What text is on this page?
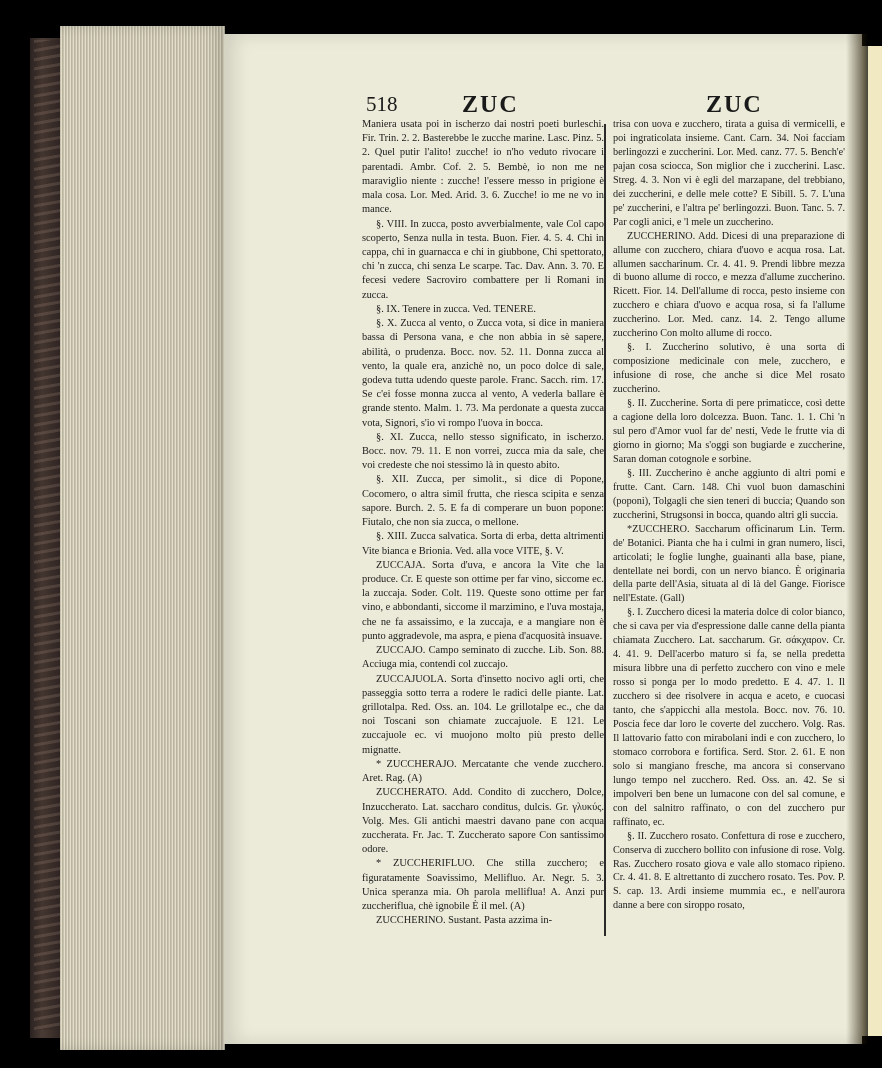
518	ZUC	ZUC

Maniera usata poi in ischerzo dai nostri poeti burleschi. Fir. Trin. 2. 2. Basterebbe le zucche marine. Lasc. Pinz. 5. 2. Quel putir l'alito! zucche! io n'ho veduto rivocare i parentadi. Ambr. Cof. 2. 5. Bembè, io non me ne maraviglio niente : zucche! l'essere messo in prigione è mala cosa. Lor. Med. Arid. 3. 6. Zucche! io me ne vo in mance.

§. VIII. In zucca, posto avverbialmente, vale Col capo scoperto, Senza nulla in testa. Buon. Fier. 4. 5. 4. Chi in cappa, chi in guarnacca e chi in giubbone, Chi spettorato, chi 'n zucca, chi senza Le scarpe. Tac. Dav. Ann. 3. 70. E fecesi vedere Sacroviro combattere per li Romani in zucca.

§. IX. Tenere in zucca. Ved. TENERE.

§. X. Zucca al vento, o Zucca vota, si dice in maniera bassa di Persona vana, e che non abbia in sè sapere, abilità, o prudenza. Bocc. nov. 52. 11. Donna zucca al vento, la quale era, anzichè no, un poco dolce di sale, godeva tutta udendo queste parole. Franc. Sacch. rim. 17. Se c'ei fosse monna zucca al vento, A vederla ballare è grande stento. Malm. 1. 73. Ma perdonate a questa zucca vota, Signori, s'io vi rompo l'uova in bocca.

§. XI. Zucca, nello stesso significato, in ischerzo. Bocc. nov. 79. 11. E non vorrei, zucca mia da sale, che voi credeste che noi stessimo là in questo abito.

§. XII. Zucca, per simolit., si dice di Popone, Cocomero, o altra simil frutta, che riesca scipita e senza sapore. Burch. 2. 5. E fa di comperare un buon popone: Fiutalo, che non sia zucca, o mellone.

§. XIII. Zucca salvatica. Sorta di erba, detta altrimenti Vite bianca e Brionia. Ved. alla voce VITE, §. V.

ZUCCAJA. Sorta d'uva, e ancora la Vite che la produce. Cr. E queste son ottime per far vino, siccome ec. la zuccaja. Soder. Colt. 119. Queste sono ottime per far vino, e abbondanti, siccome il marzimino, e l'uva mostaja, che ne fa assaissimo, e la zuccaja, e a mangiare non è punto aggradevole, ma aspra, e piena d'acquosità insuave.

ZUCCAJO. Campo seminato di zucche. Lib. Son. 88. Acciuga mia, contendi col zuccajo.

ZUCCAJUOLA. Sorta d'insetto nocivo agli orti, che passeggia sotto terra a rodere le radici delle piante. Lat. grillotalpa. Red. Oss. an. 104. Le grillotalpe ec., che da noi Toscani son chiamate zuccajuole. E 121. Le zuccajuole ec. vi muojono molto più presto delle mignatte.

* ZUCCHERAJO. Mercatante che vende zucchero. Aret. Rag. (A)

ZUCCHERATO. Add. Condito di zucchero, Dolce, Inzuccherato. Lat. saccharo conditus, dulcis. Gr. γλυκύς. Volg. Mes. Gli antichi maestri davano pane con acqua zuccherata. Fr. Jac. T. Zuccherato sapore Con santissimo odore.

* ZUCCHERIFLUO. Che stilla zucchero; e figuratamente Soavissimo, Mellifluo. Ar. Negr. 5. 3. Unica speranza mia. Oh parola melliflua! A. Anzi pur zuccheriflua, chè ignobile È il mel. (A)

ZUCCHERINO. Sustant. Pasta azzima in-

trisa con uova e zucchero, tirata a guisa di vermicelli, e poi ingraticolata insieme. Cant. Carn. 34. Noi facciam berlingozzi e zuccherini. Lor. Med. canz. 77. 5. Bench'e' pajan cosa sciocca, Son miglior che i zuccherini. Lasc. Streg. 4. 3. Non vi è egli del marzapane, del trebbiano, dei zuccherini, e delle mele cotte? E Sibill. 5. 7. L'una pe' zuccherini, e l'altra pe' berlingozzi. Buon. Tanc. 5. 7. Par cogli anici, e 'l mele un zuccherino.

ZUCCHERINO. Add. Dicesi di una preparazione di allume con zucchero, chiara d'uovo e acqua rosa. Lat. allumen saccharinum. Cr. 4. 41. 9. Prendi libbre mezza di buono allume di rocco, e mezza d'allume zuccherino. Ricett. Fior. 14. Dell'allume di rocca, pesto insieme con zucchero e chiara d'uovo e acqua rosa, si fa l'allume zuccherino. Lor. Med. canz. 14. 2. Tengo allume zuccherino Con molto allume di rocco.

§. I. Zuccherino solutivo, è una sorta di composizione medicinale con mele, zucchero, e infusione di rose, che anche si dice Mel rosato zuccherino.

§. II. Zuccherine. Sorta di pere primaticce, così dette a cagione della loro dolcezza. Buon. Tanc. 1. 1. Chi 'n sul pero d'Amor vuol far de' nesti, Vede le frutte via di giorno in giorno; Ma s'oggi son bugiarde e zuccherine, Saran doman cotognole e sorbine.

§. III. Zuccherino è anche aggiunto di altri pomi e frutte. Cant. Carn. 148. Chi vuol buon damaschini (poponi), Tolgagli che sien teneri di buccia; Quando son zuccherini, Strugsonsi in bocca, quando altri gli succia.

*ZUCCHERO. Saccharum officinarum Lin. Term. de' Botanici. Pianta che ha i culmi in gran numero, lisci, articolati; le foglie lunghe, guainanti alla base, piane, dentellate nei bordi, con un nervo bianco. È originaria della parte dell'Asia, situata al di là del Gange. Fiorisce nell'Estate. (Gall)

§. I. Zucchero dicesi la materia dolce di color bianco, che si cava per via d'espressione dalle canne della pianta chiamata Zucchero. Lat. saccharum. Gr. σάκχαρον. Cr. 4. 41. 9. Dell'acerbo maturo si fa, se nella predetta misura libbre una di perfetto zucchero con vino e mele rosso si ponga per lo modo predetto. E 4. 47. 1. Il zucchero si dee risolvere in acqua e aceto, e cuocasi tanto, che s'appicchi alla mestola. Bocc. nov. 76. 10. Poscia fece dar loro le coverte del zucchero. Volg. Ras. Il lattovario fatto con mirabolani indi e con zucchero, lo stomaco corrobora e fortifica. Serd. Stor. 2. 61. E non solo si mangiano fresche, ma ancora si conservano lungo tempo nel zucchero. Red. Oss. an. 42. Se si impolveri ben bene un lumacone con del sal comune, e con del salnitro raffinato, o con del zucchero pur raffinato, ec.

§. II. Zucchero rosato. Confettura di rose e zucchero, Conserva di zucchero bollito con infusione di rose. Volg. Ras. Zucchero rosato giova e vale allo stomaco ripieno. Cr. 4. 41. 8. E altrettanto di zucchero rosato. Tes. Pov. P. S. cap. 13. Ardi insieme mummia ec., e nell'aurora danne a bere con siroppo rosato,
